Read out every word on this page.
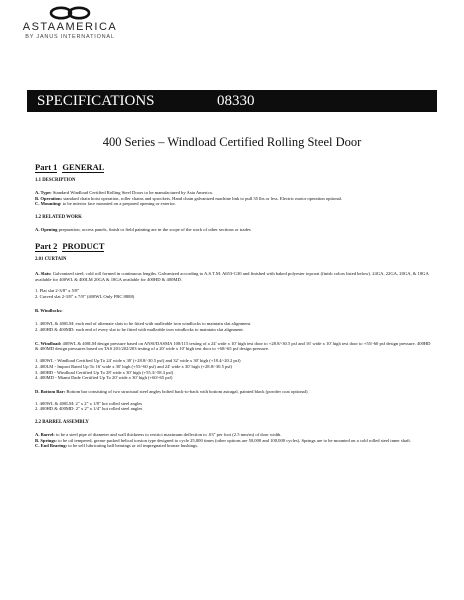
ASTAAMERICA
BY JANUS INTERNATIONAL
SPECIFICATIONS	08330
400 Series – Windload Certified Rolling Steel Door
Part 1 GENERAL
1.1 DESCRIPTION

A. Type: Standard Windload Certified Rolling Steel Doors to be manufactured by Asta America.

B. Operation: standard chain hoist operation, roller chains and sprockets. Hand chain galvanized machine link to pull 35 lbs or less. Electric motor operation optional.

C. Mounting: to be interior face mounted on a prepared opening or exterior.

1.2 RELATED WORK

A. Opening preparation, access panels, finish or field painting are in the scope of the work of other sections or trades

Part 2 PRODUCT
2.01 CURTAIN

A. Slats: Galvanized steel; cold roll formed in continuous lengths. Galvanized according to A.S.T.M. A653-G30 and finished with baked polyester topcoat (finish colors listed below). 24GA, 22GA, 20GA, & 18GA available for 400WL & 400LM 20GA & 18GA available for 400HD & 400MD.

1. Flat slat 2-3/8" x 5/8"

2. Curved slat 2-3/8" x 7/8" (400WL Only FBC 8888)

B. Windlocks:

1. 400WL & 400LM: each end of alternate slats to be fitted with malleable iron windlocks to maintain slat alignment.

2. 400HD & 400MD: each end of every slat to be fitted with malleable iron windlocks to maintain slat alignment.

C. Windload: 400WL & 400LM design pressure based on ANSI/DASMA 108/115 testing of a 24' wide x 10' high test door to +28.8/-30.5 psf and 16' wide x 10' high test door to +55/-60 psf design pressure. 400HD & 400MD design pressures based on TAS 201/202/203 testing of a 20' wide x 10' high test door to +60/-65 psf design pressure.

1. 400WL - Windload Certified Up To 24' wide x 30' (+28.8/-30.5 psf) and 32' wide x 30' high (+18.4/-20.2 psf)

2. 400LM - Impact Rated Up To 16' wide x 30' high (+55/-60 psf) and 24' wide x 30' high (+28.8/-30.5 psf)

3. 400HD - Windload Certified Up To 28' wide x 30' high (+55.3/-58.3 psf)

4. 400MD - Miami Dade Certified Up To 20' wide x 30' high (+60/-65 psf)

D. Bottom Bar: Bottom bar consisting of two structural steel angles bolted back-to-back with bottom astragal, painted black (powder coat optional)

1. 400WL & 400LM: 2" x 2" x 1/8" hot rolled steel angles

2. 400HD & 400MD: 2" x 2" x 1/4" hot rolled steel angles

2.2 BARREL ASSEMBLY

A. Barrel: to be a steel pipe of diameter and wall thickness to restrict maximum deflection to .03" per foot (2.5 mm/m) of door width.

B. Springs: to be oil tempered, grease packed helical torsion type designed to cycle 25,000 times (other options are 50,000 and 100,000 cycles). Springs are to be mounted on a cold rolled steel inner shaft.

C. End Bearing: to be self lubricating ball bearings or oil impregnated bronze bushings.
